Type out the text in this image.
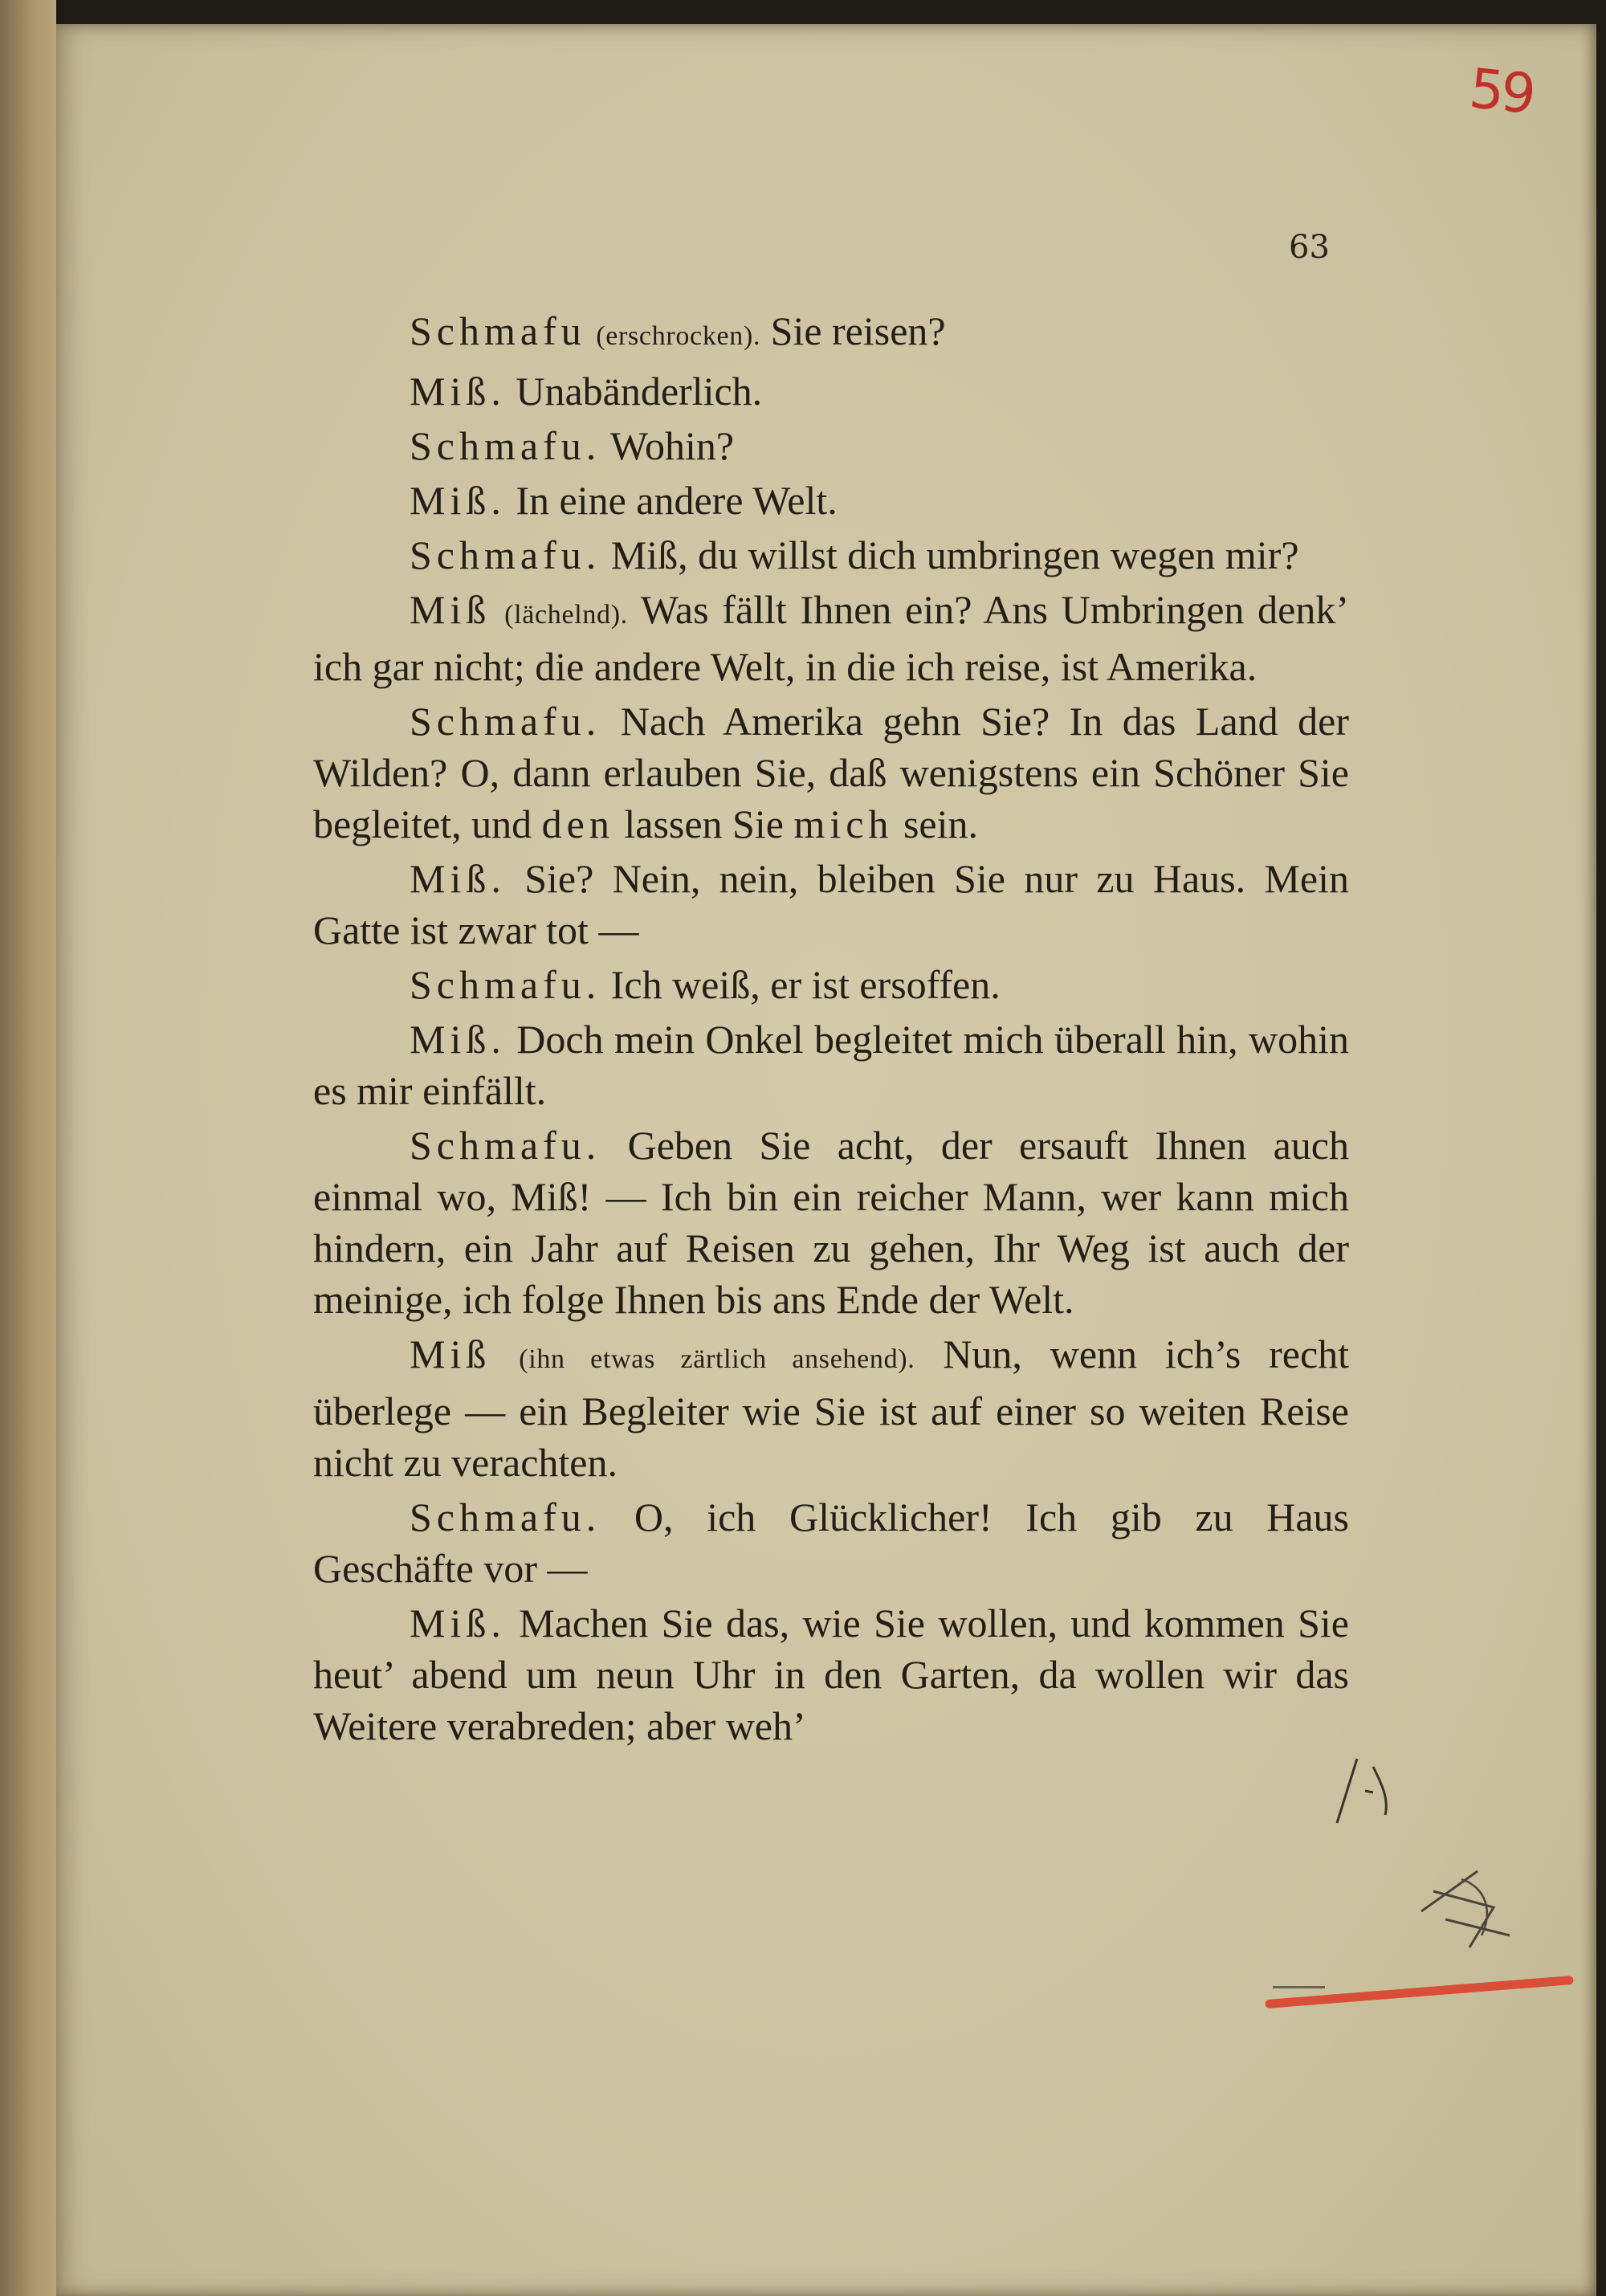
59
63

Schmafu (erschrocken). Sie reisen?

Miß. Unabänderlich.

Schmafu. Wohin?

Miß. In eine andere Welt.

Schmafu. Miß, du willst dich umbringen wegen mir?

Miß (lächelnd). Was fällt Ihnen ein? Ans Umbringen denk’ ich gar nicht; die andere Welt, in die ich reise, ist Amerika.

Schmafu. Nach Amerika gehn Sie? In das Land der Wilden? O, dann erlauben Sie, daß wenigstens ein Schöner Sie begleitet, und den lassen Sie mich sein.

Miß. Sie? Nein, nein, bleiben Sie nur zu Haus. Mein Gatte ist zwar tot —

Schmafu. Ich weiß, er ist ersoffen.

Miß. Doch mein Onkel begleitet mich überall hin, wohin es mir einfällt.

Schmafu. Geben Sie acht, der ersauft Ihnen auch einmal wo, Miß! — Ich bin ein reicher Mann, wer kann mich hindern, ein Jahr auf Reisen zu gehen, Ihr Weg ist auch der meinige, ich folge Ihnen bis ans Ende der Welt.

Miß (ihn etwas zärtlich ansehend). Nun, wenn ich’s recht überlege — ein Begleiter wie Sie ist auf einer so weiten Reise nicht zu verachten.

Schmafu. O, ich Glücklicher! Ich gib zu Haus Geschäfte vor —

Miß. Machen Sie das, wie Sie wollen, und kommen Sie heut’ abend um neun Uhr in den Garten, da wollen wir das Weitere verabreden; aber weh’
